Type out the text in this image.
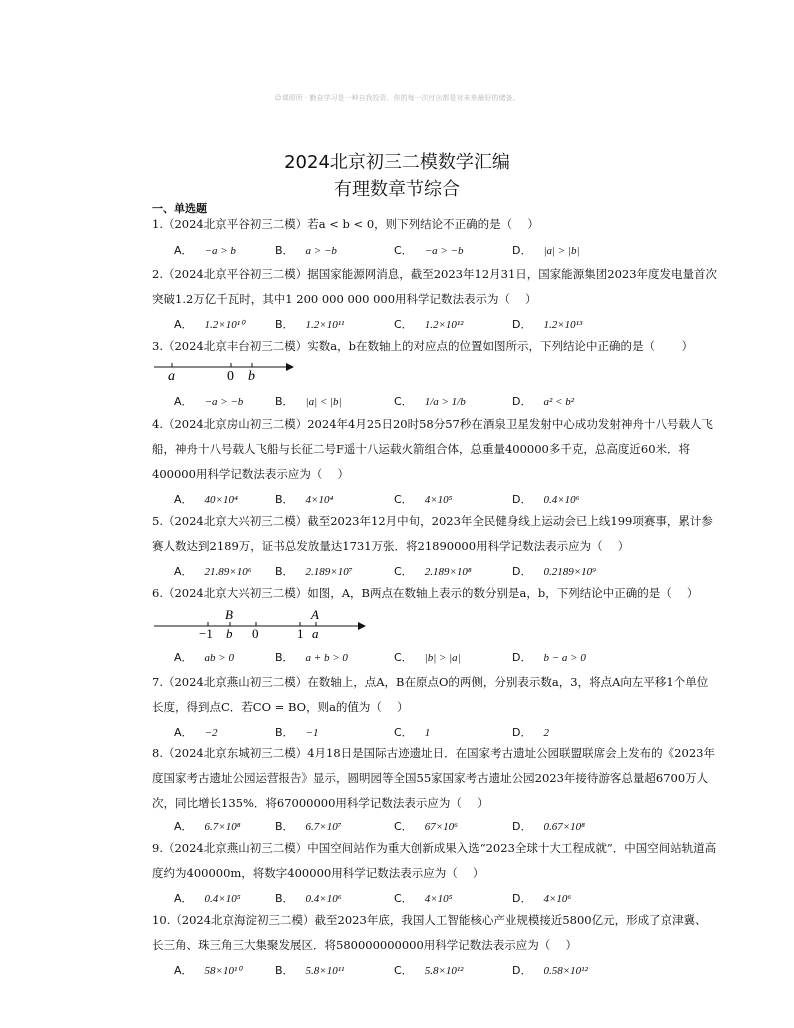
☺课即所 · 勤奋学习是一种自我投资，你的每一次付出都是对未来最好的储备。
2024北京初三二模数学汇编
有理数章节综合
一、单选题

1.（2024北京平谷初三二模）若a < b < 0，则下列结论不正确的是（　 ）

A． −a > b	B． a > −b	C． −a > −b	D． |a| > |b|

2.（2024北京平谷初三二模）据国家能源网消息，截至2023年12月31日，国家能源集团2023年度发电量首次突破1.2万亿千瓦时，其中1 200 000 000 000用科学记数法表示为（　 ）

A． 1.2×10¹⁰	B． 1.2×10¹¹	C． 1.2×10¹²	D． 1.2×10¹³

3.（2024北京丰台初三二模）实数a，b在数轴上的对应点的位置如图所示，下列结论中正确的是（　　 ）

a	0 b
A． −a > −b	B． |a| < |b|	C． 1/a > 1/b	D． a² < b²

4.（2024北京房山初三二模）2024年4月25日20时58分57秒在酒泉卫星发射中心成功发射神舟十八号载人飞船，神舟十八号载人飞船与长征二号F遥十八运载火箭组合体，总重量400000多千克，总高度近60米．将400000用科学记数法表示应为（　 ）

A． 40×10⁴	B． 4×10⁴	C． 4×10⁵	D． 0.4×10⁶

5.（2024北京大兴初三二模）截至2023年12月中旬，2023年全民健身线上运动会已上线199项赛事，累计参赛人数达到2189万，证书总发放量达1731万张．将21890000用科学记数法表示应为（　 ）

A． 21.89×10⁶ B． 2.189×10⁷	C． 2.189×10⁸	D． 0.2189×10⁹

6.（2024北京大兴初三二模）如图，A，B两点在数轴上表示的数分别是a，b，下列结论中正确的是（　 ）

B	A
−1 b 0	1 a
A． ab > 0	B． a + b > 0	C． |b| > |a|	D． b − a > 0

7.（2024北京燕山初三二模）在数轴上，点A，B在原点O的两侧，分别表示数a，3，将点A向左平移1个单位长度，得到点C．若CO = BO，则a的值为（　 ）

A． −2	B． −1	C． 1	D． 2

8.（2024北京东城初三二模）4月18日是国际古迹遗址日．在国家考古遗址公园联盟联席会上发布的《2023年度国家考古遗址公园运营报告》显示，圆明园等全国55家国家考古遗址公园2023年接待游客总量超6700万人次，同比增长135%．将67000000用科学记数法表示应为（　 ）

A． 6.7×10⁸	B． 6.7×10⁷	C． 67×10⁶	D． 0.67×10⁸

9.（2024北京燕山初三二模）中国空间站作为重大创新成果入选“2023全球十大工程成就”．中国空间站轨道高度约为400000m，将数字400000用科学记数法表示应为（　 ）

A． 0.4×10⁵	B． 0.4×10⁶	C． 4×10⁵	D． 4×10⁶

10.（2024北京海淀初三二模）截至2023年底，我国人工智能核心产业规模接近5800亿元，形成了京津冀、长三角、珠三角三大集聚发展区．将580000000000用科学记数法表示应为（　 ）

A． 58×10¹⁰	B． 5.8×10¹¹	C． 5.8×10¹²	D． 0.58×10¹²
